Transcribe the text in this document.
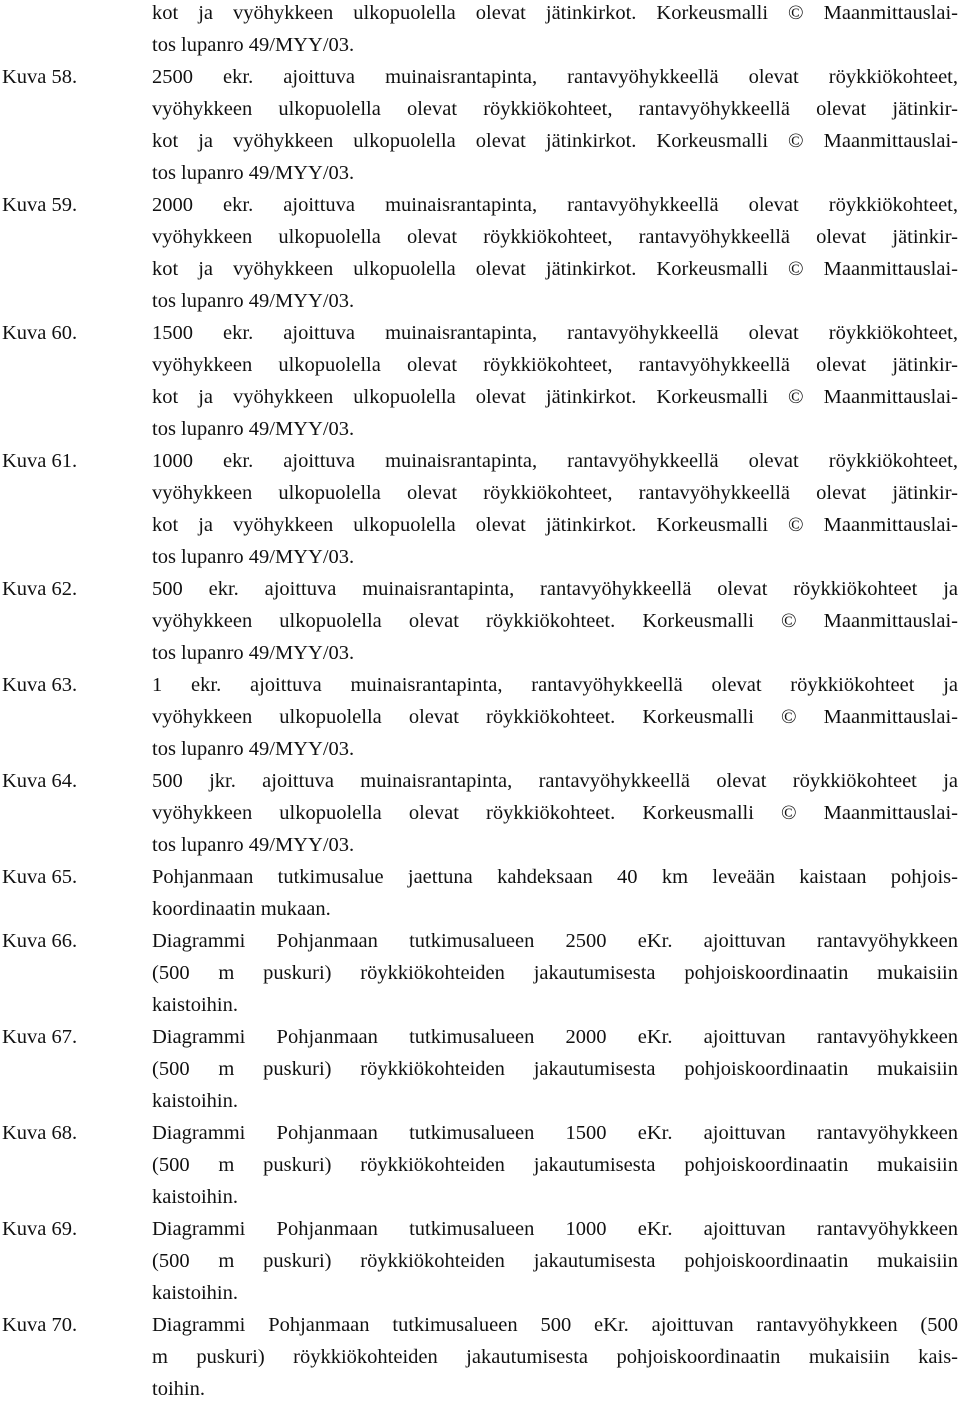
kot ja vyöhykkeen ulkopuolella olevat jätinkirkot. Korkeusmalli © Maanmittauslai-
tos lupanro 49/MYY/03.
Kuva 58.	2500 ekr. ajoittuva muinaisrantapinta, rantavyöhykkeellä olevat röykkiökohteet,
vyöhykkeen ulkopuolella olevat röykkiökohteet, rantavyöhykkeellä olevat jätinkir-
kot ja vyöhykkeen ulkopuolella olevat jätinkirkot. Korkeusmalli © Maanmittauslai-
tos lupanro 49/MYY/03.
Kuva 59.	2000 ekr. ajoittuva muinaisrantapinta, rantavyöhykkeellä olevat röykkiökohteet,
vyöhykkeen ulkopuolella olevat röykkiökohteet, rantavyöhykkeellä olevat jätinkir-
kot ja vyöhykkeen ulkopuolella olevat jätinkirkot. Korkeusmalli © Maanmittauslai-
tos lupanro 49/MYY/03.
Kuva 60.	1500 ekr. ajoittuva muinaisrantapinta, rantavyöhykkeellä olevat röykkiökohteet,
vyöhykkeen ulkopuolella olevat röykkiökohteet, rantavyöhykkeellä olevat jätinkir-
kot ja vyöhykkeen ulkopuolella olevat jätinkirkot. Korkeusmalli © Maanmittauslai-
tos lupanro 49/MYY/03.
Kuva 61.	1000 ekr. ajoittuva muinaisrantapinta, rantavyöhykkeellä olevat röykkiökohteet,
vyöhykkeen ulkopuolella olevat röykkiökohteet, rantavyöhykkeellä olevat jätinkir-
kot ja vyöhykkeen ulkopuolella olevat jätinkirkot. Korkeusmalli © Maanmittauslai-
tos lupanro 49/MYY/03.
Kuva 62.	500 ekr. ajoittuva muinaisrantapinta, rantavyöhykkeellä olevat röykkiökohteet ja
vyöhykkeen ulkopuolella olevat röykkiökohteet. Korkeusmalli © Maanmittauslai-
tos lupanro 49/MYY/03.
Kuva 63.	1 ekr. ajoittuva muinaisrantapinta, rantavyöhykkeellä olevat röykkiökohteet ja
vyöhykkeen ulkopuolella olevat röykkiökohteet. Korkeusmalli © Maanmittauslai-
tos lupanro 49/MYY/03.
Kuva 64.	500 jkr. ajoittuva muinaisrantapinta, rantavyöhykkeellä olevat röykkiökohteet ja
vyöhykkeen ulkopuolella olevat röykkiökohteet. Korkeusmalli © Maanmittauslai-
tos lupanro 49/MYY/03.
Kuva 65.	Pohjanmaan tutkimusalue jaettuna kahdeksaan 40 km leveään kaistaan pohjois-
koordinaatin mukaan.
Kuva 66.	Diagrammi Pohjanmaan tutkimusalueen 2500 eKr. ajoittuvan rantavyöhykkeen
(500 m puskuri) röykkiökohteiden jakautumisesta pohjoiskoordinaatin mukaisiin
kaistoihin.
Kuva 67.	Diagrammi Pohjanmaan tutkimusalueen 2000 eKr. ajoittuvan rantavyöhykkeen
(500 m puskuri) röykkiökohteiden jakautumisesta pohjoiskoordinaatin mukaisiin
kaistoihin.
Kuva 68.	Diagrammi Pohjanmaan tutkimusalueen 1500 eKr. ajoittuvan rantavyöhykkeen
(500 m puskuri) röykkiökohteiden jakautumisesta pohjoiskoordinaatin mukaisiin
kaistoihin.
Kuva 69.	Diagrammi Pohjanmaan tutkimusalueen 1000 eKr. ajoittuvan rantavyöhykkeen
(500 m puskuri) röykkiökohteiden jakautumisesta pohjoiskoordinaatin mukaisiin
kaistoihin.
Kuva 70.	Diagrammi Pohjanmaan tutkimusalueen 500 eKr. ajoittuvan rantavyöhykkeen (500
m puskuri) röykkiökohteiden jakautumisesta pohjoiskoordinaatin mukaisiin kais-
toihin.
